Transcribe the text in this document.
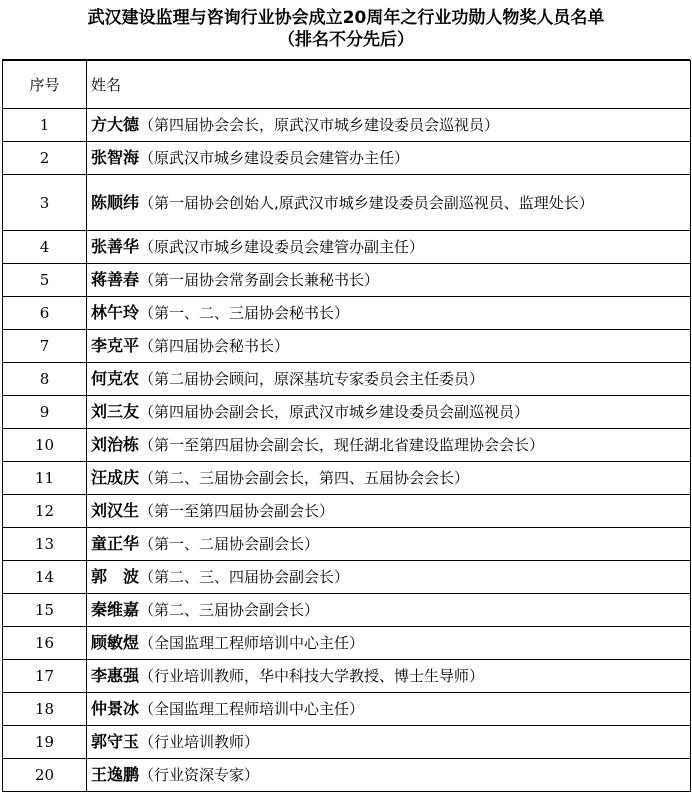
武汉建设监理与咨询行业协会成立20周年之行业功勋人物奖人员名单
（排名不分先后）
序号	姓名
1	方大德（第四届协会会长，原武汉市城乡建设委员会巡视员）

2	张智海（原武汉市城乡建设委员会建管办主任）

3	陈顺纬（第一届协会创始人,原武汉市城乡建设委员会副巡视员、监理处长）

4	张善华（原武汉市城乡建设委员会建管办副主任）

5	蒋善春（第一届协会常务副会长兼秘书长）

6	林午玲（第一、二、三届协会秘书长）

7	李克平（第四届协会秘书长）

8	何克农（第二届协会顾问，原深基坑专家委员会主任委员）

9	刘三友（第四届协会副会长，原武汉市城乡建设委员会副巡视员）

10	刘治栋（第一至第四届协会副会长，现任湖北省建设监理协会会长）

11	汪成庆（第二、三届协会副会长，第四、五届协会会长）

12	刘汉生（第一至第四届协会副会长）

13	童正华（第一、二届协会副会长）

14	郭　波（第二、三、四届协会副会长）

15	秦维嘉（第二、三届协会副会长）

16	顾敏煜（全国监理工程师培训中心主任）

17	李惠强（行业培训教师，华中科技大学教授、博士生导师）

18	仲景冰（全国监理工程师培训中心主任）

19	郭守玉（行业培训教师）

20	王逸鹏（行业资深专家）
